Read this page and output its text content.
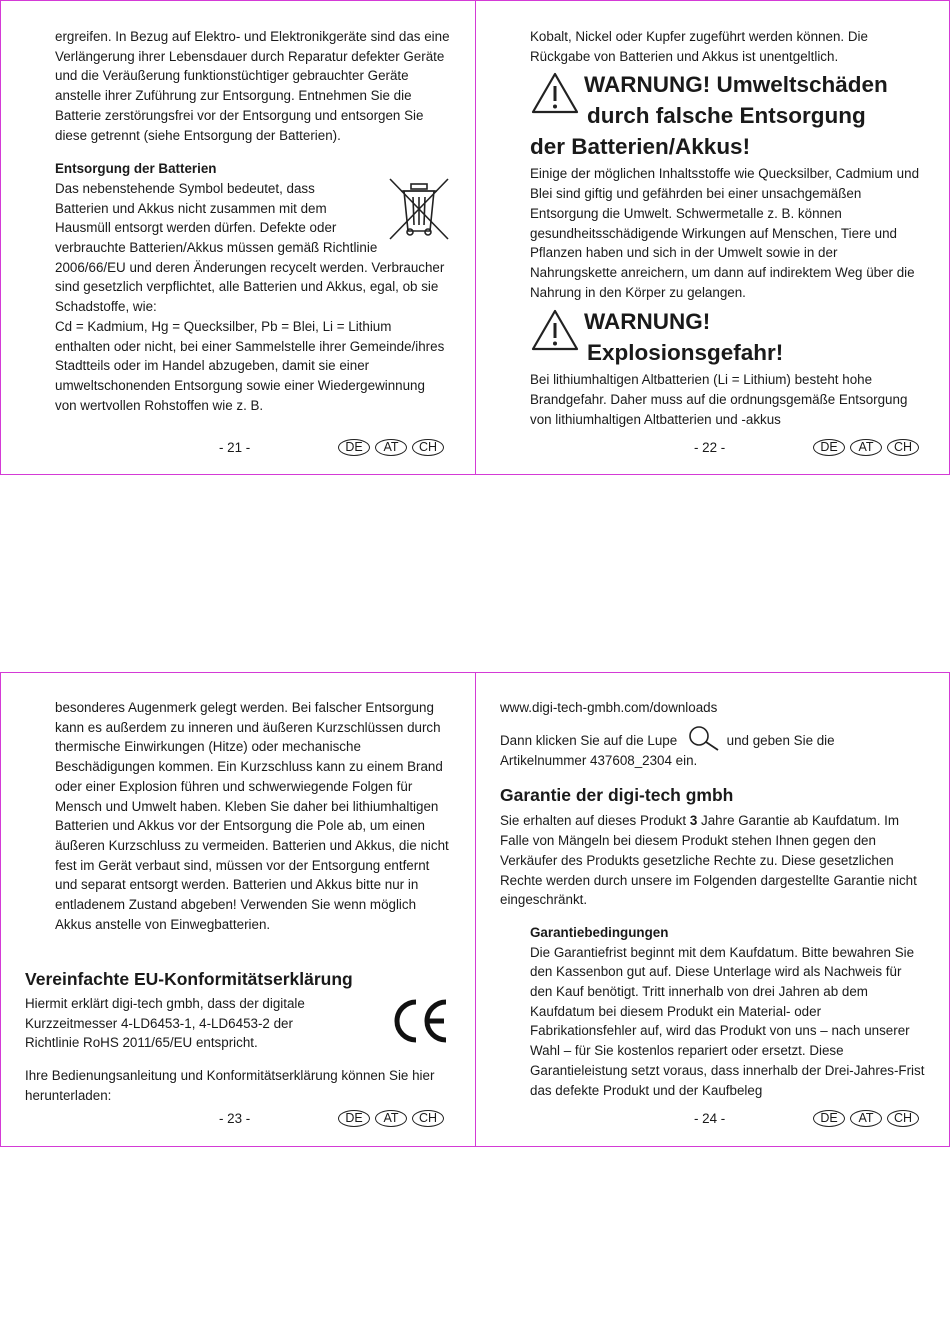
ergreifen. In Bezug auf Elektro- und Elektronikgeräte sind das eine Verlängerung ihrer Lebensdauer durch Reparatur defekter Geräte und die Veräußerung funktionstüchtiger gebrauchter Geräte anstelle ihrer Zuführung zur Entsorgung. Entnehmen Sie die Batterie zerstörungsfrei vor der Entsorgung und entsorgen Sie diese getrennt (siehe Entsorgung der Batterien).

Entsorgung der Batterien

Das nebenstehende Symbol bedeutet, dass
Batterien und Akkus nicht zusammen mit dem
Hausmüll entsorgt werden dürfen. Defekte oder

verbrauchte Batterien/Akkus müssen gemäß Richtlinie 2006/66/EU und deren Änderungen recycelt werden. Verbraucher sind gesetzlich verpflichtet, alle Batterien und Akkus, egal, ob sie Schadstoffe, wie:

Cd = Kadmium, Hg = Quecksilber, Pb = Blei, Li = Lithium enthalten oder nicht, bei einer Sammelstelle ihrer Gemeinde/ihres Stadtteils oder im Handel abzugeben, damit sie einer umweltschonenden Entsorgung sowie einer Wiedergewinnung von wertvollen Rohstoffen wie z. B.

- 21 -	DE	AT	CH

Kobalt, Nickel oder Kupfer zugeführt werden können. Die Rückgabe von Batterien und Akkus ist unentgeltlich.

WARNUNG! Umweltschäden
durch falsche Entsorgung
der Batterien/Akkus!

Einige der möglichen Inhaltsstoffe wie Quecksilber, Cadmium und Blei sind giftig und gefährden bei einer unsachgemäßen Entsorgung die Umwelt. Schwermetalle z. B. können gesundheitsschädigende Wirkungen auf Menschen, Tiere und Pflanzen haben und sich in der Umwelt sowie in der Nahrungskette anreichern, um dann auf indirektem Weg über die Nahrung in den Körper zu gelangen.

WARNUNG!
Explosionsgefahr!

Bei lithiumhaltigen Altbatterien (Li = Lithium) besteht hohe Brandgefahr. Daher muss auf die ordnungsgemäße Entsorgung von lithiumhaltigen Altbatterien und -akkus

- 22 -	DE	AT	CH

besonderes Augenmerk gelegt werden. Bei falscher Entsorgung kann es außerdem zu inneren und äußeren Kurzschlüssen durch thermische Einwirkungen (Hitze) oder mechanische Beschädigungen kommen. Ein Kurzschluss kann zu einem Brand oder einer Explosion führen und schwerwiegende Folgen für Mensch und Umwelt haben. Kleben Sie daher bei lithiumhaltigen Batterien und Akkus vor der Entsorgung die Pole ab, um einen äußeren Kurzschluss zu vermeiden. Batterien und Akkus, die nicht fest im Gerät verbaut sind, müssen vor der Entsorgung entfernt und separat entsorgt werden. Batterien und Akkus bitte nur in entladenem Zustand abgeben! Verwenden Sie wenn möglich Akkus anstelle von Einwegbatterien.

Vereinfachte EU-Konformitätserklärung

Hiermit erklärt digi-tech gmbh, dass der digitale
Kurzzeitmesser 4-LD6453-1, 4-LD6453-2 der
Richtlinie RoHS 2011/65/EU entspricht.

Ihre Bedienungsanleitung und Konformitätserklärung können Sie hier herunterladen:

- 23 -	DE	AT	CH

www.digi-tech-gmbh.com/downloads

Dann klicken Sie auf die Lupe	und geben Sie die

Artikelnummer 437608_2304 ein.

Garantie der digi-tech gmbh

Sie erhalten auf dieses Produkt 3 Jahre Garantie ab Kaufdatum. Im Falle von Mängeln bei diesem Produkt stehen Ihnen gegen den Verkäufer des Produkts gesetzliche Rechte zu. Diese gesetzlichen Rechte werden durch unsere im Folgenden dargestellte Garantie nicht eingeschränkt.

Garantiebedingungen

Die Garantiefrist beginnt mit dem Kaufdatum. Bitte bewahren Sie den Kassenbon gut auf. Diese Unterlage wird als Nachweis für den Kauf benötigt. Tritt innerhalb von drei Jahren ab dem Kaufdatum bei diesem Produkt ein Material- oder Fabrikationsfehler auf, wird das Produkt von uns – nach unserer Wahl – für Sie kostenlos repariert oder ersetzt. Diese Garantieleistung setzt voraus, dass innerhalb der Drei-Jahres-Frist das defekte Produkt und der Kaufbeleg

- 24 -	DE	AT	CH
